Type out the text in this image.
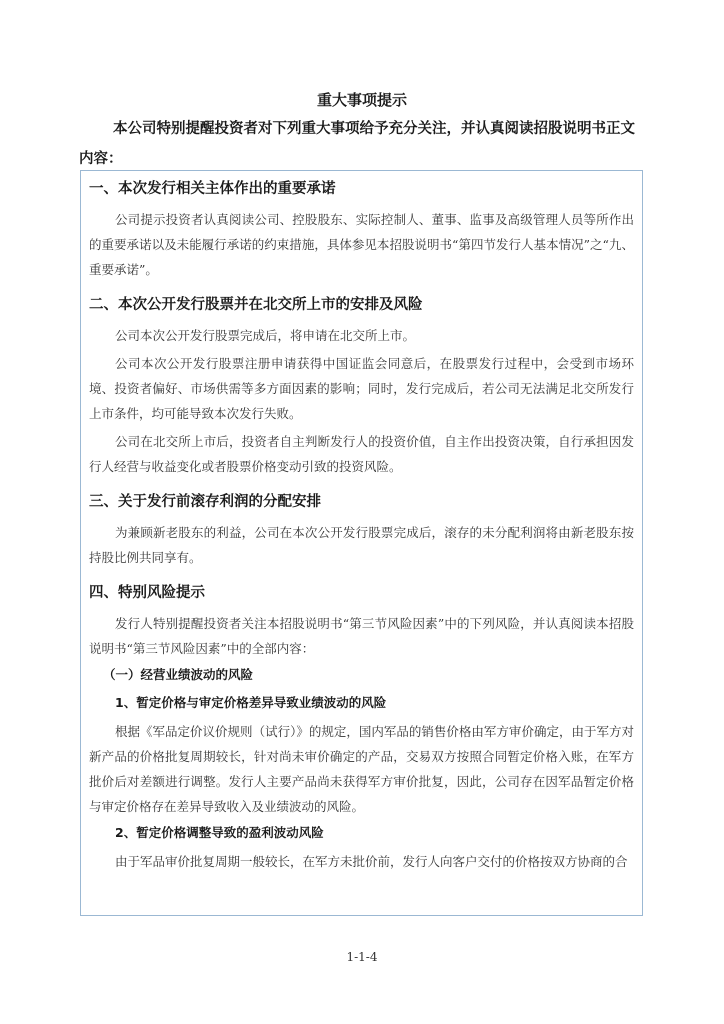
重大事项提示

本公司特别提醒投资者对下列重大事项给予充分关注，并认真阅读招股说明书正文内容：

一、本次发行相关主体作出的重要承诺

公司提示投资者认真阅读公司、控股股东、实际控制人、董事、监事及高级管理人员等所作出的重要承诺以及未能履行承诺的约束措施，具体参见本招股说明书“第四节发行人基本情况”之“九、重要承诺”。

二、本次公开发行股票并在北交所上市的安排及风险

公司本次公开发行股票完成后，将申请在北交所上市。

公司本次公开发行股票注册申请获得中国证监会同意后，在股票发行过程中，会受到市场环境、投资者偏好、市场供需等多方面因素的影响；同时，发行完成后，若公司无法满足北交所发行上市条件，均可能导致本次发行失败。

公司在北交所上市后，投资者自主判断发行人的投资价值，自主作出投资决策，自行承担因发行人经营与收益变化或者股票价格变动引致的投资风险。

三、关于发行前滚存利润的分配安排

为兼顾新老股东的利益，公司在本次公开发行股票完成后，滚存的未分配利润将由新老股东按持股比例共同享有。

四、特别风险提示

发行人特别提醒投资者关注本招股说明书“第三节风险因素”中的下列风险，并认真阅读本招股说明书“第三节风险因素”中的全部内容：

（一）经营业绩波动的风险
1、暂定价格与审定价格差异导致业绩波动的风险

根据《军品定价议价规则（试行）》的规定，国内军品的销售价格由军方审价确定，由于军方对新产品的价格批复周期较长，针对尚未审价确定的产品，交易双方按照合同暂定价格入账，在军方批价后对差额进行调整。发行人主要产品尚未获得军方审价批复，因此，公司存在因军品暂定价格与审定价格存在差异导致收入及业绩波动的风险。

2、暂定价格调整导致的盈利波动风险

由于军品审价批复周期一般较长，在军方未批价前，发行人向客户交付的价格按双方协商的合

1-1-4
